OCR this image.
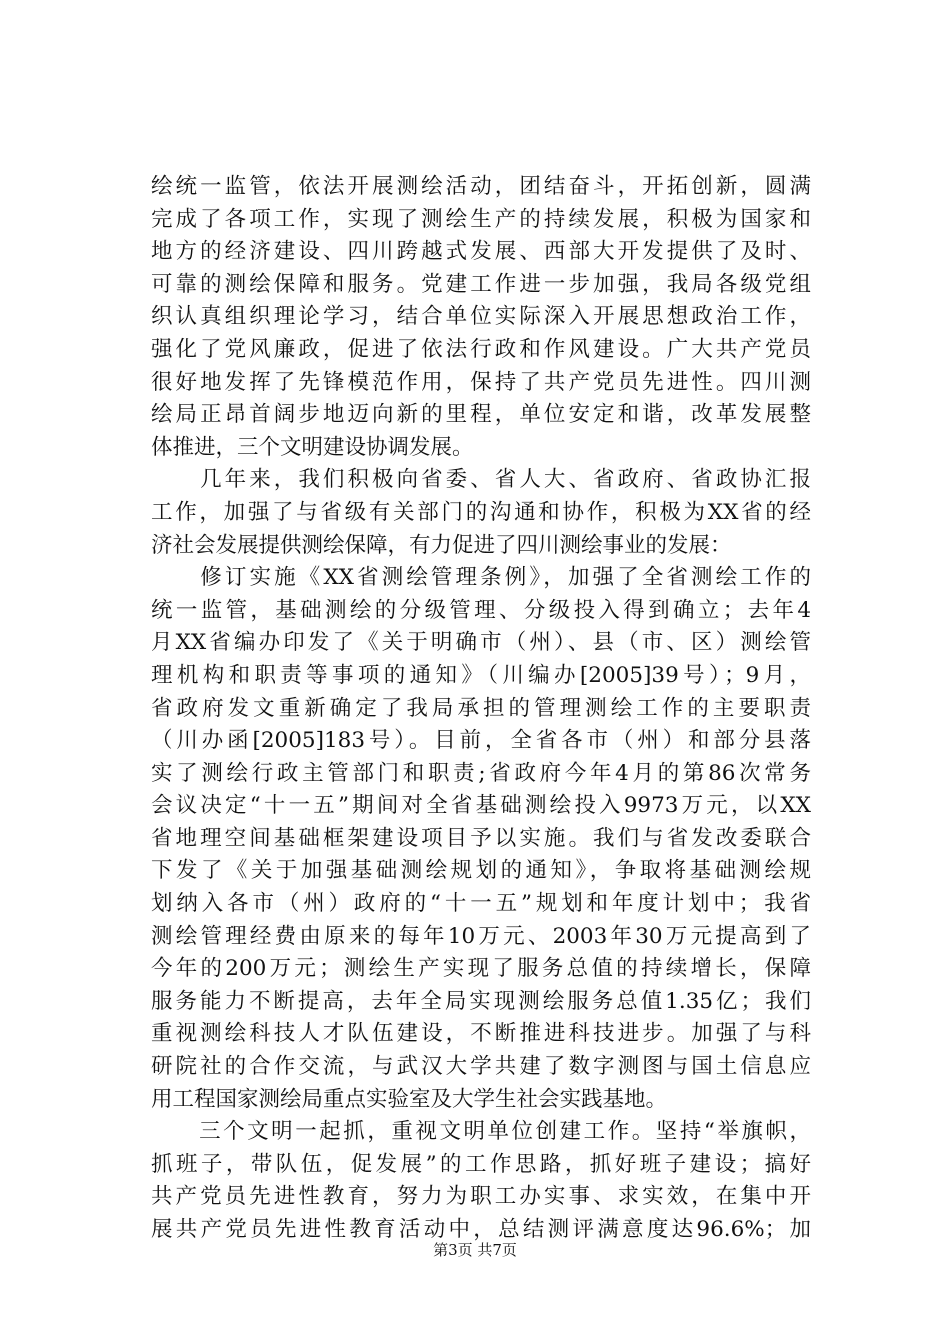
绘统一监管，依法开展测绘活动，团结奋斗，开拓创新，圆满
完成了各项工作，实现了测绘生产的持续发展，积极为国家和
地方的经济建设、四川跨越式发展、西部大开发提供了及时、
可靠的测绘保障和服务。党建工作进一步加强，我局各级党组
织认真组织理论学习，结合单位实际深入开展思想政治工作，
强化了党风廉政，促进了依法行政和作风建设。广大共产党员
很好地发挥了先锋模范作用，保持了共产党员先进性。四川测
绘局正昂首阔步地迈向新的里程，单位安定和谐，改革发展整
体推进，三个文明建设协调发展。
　　几年来，我们积极向省委、省人大、省政府、省政协汇报
工作，加强了与省级有关部门的沟通和协作，积极为XX省的经
济社会发展提供测绘保障，有力促进了四川测绘事业的发展：
　　修订实施《XX省测绘管理条例》，加强了全省测绘工作的
统一监管，基础测绘的分级管理、分级投入得到确立；去年4
月XX省编办印发了《关于明确市（州）、县（市、区）测绘管
理机构和职责等事项的通知》（川编办[2005]39号）；9月，
省政府发文重新确定了我局承担的管理测绘工作的主要职责
（川办函[2005]183号）。目前，全省各市（州）和部分县落
实了测绘行政主管部门和职责;省政府今年4月的第86次常务
会议决定“十一五”期间对全省基础测绘投入9973万元，以XX
省地理空间基础框架建设项目予以实施。我们与省发改委联合
下发了《关于加强基础测绘规划的通知》，争取将基础测绘规
划纳入各市（州）政府的“十一五”规划和年度计划中；我省
测绘管理经费由原来的每年10万元、2003年30万元提高到了
今年的200万元；测绘生产实现了服务总值的持续增长，保障
服务能力不断提高，去年全局实现测绘服务总值1.35亿；我们
重视测绘科技人才队伍建设，不断推进科技进步。加强了与科
研院社的合作交流，与武汉大学共建了数字测图与国土信息应
用工程国家测绘局重点实验室及大学生社会实践基地。
　　三个文明一起抓，重视文明单位创建工作。坚持“举旗帜，
抓班子，带队伍，促发展”的工作思路，抓好班子建设；搞好
共产党员先进性教育，努力为职工办实事、求实效，在集中开
展共产党员先进性教育活动中，总结测评满意度达96.6%；加
第3页 共7页
